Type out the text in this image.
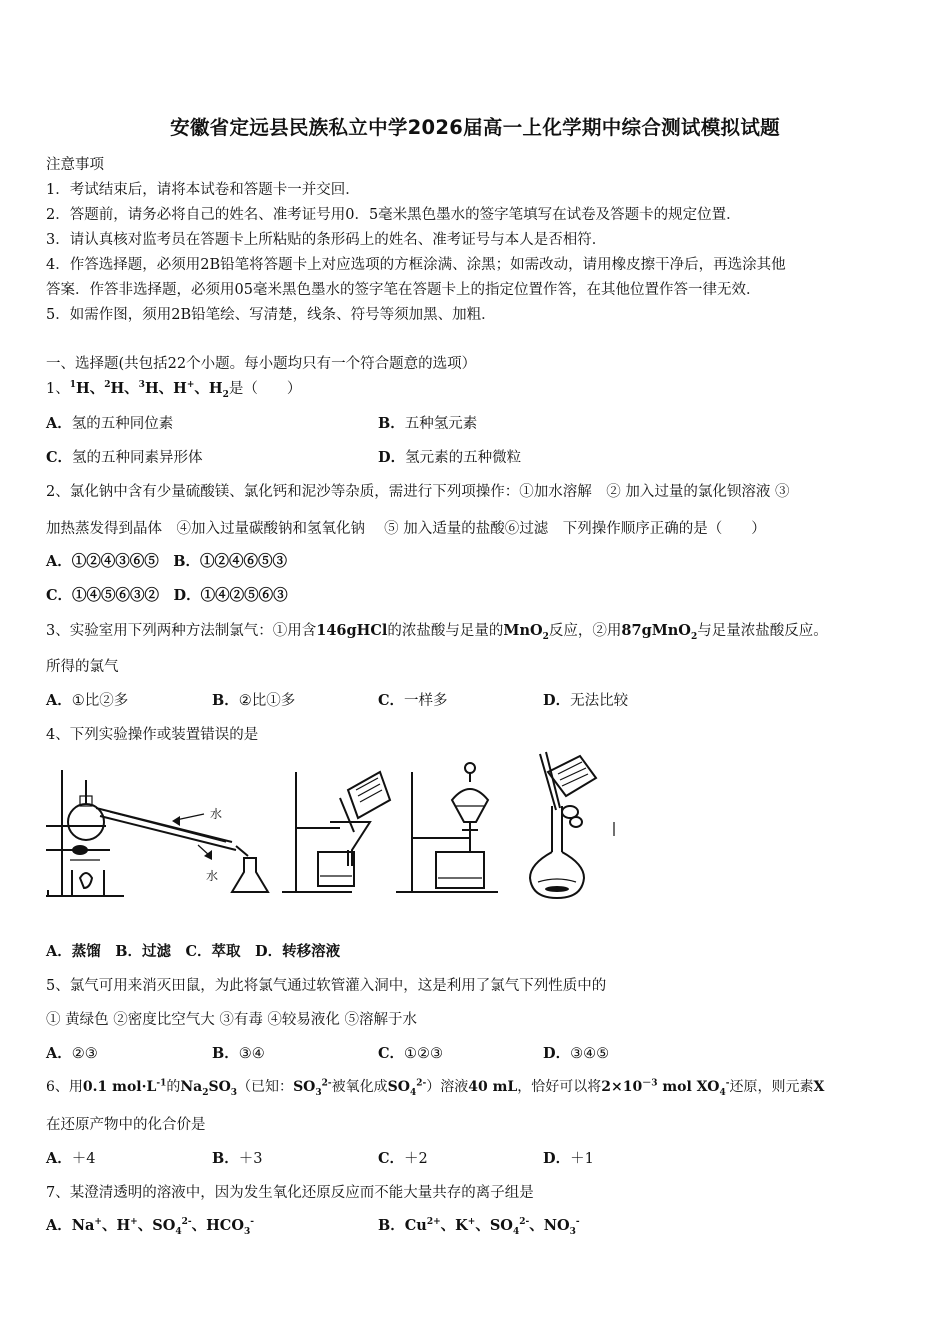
安徽省定远县民族私立中学2026届高一上化学期中综合测试模拟试题
注意事项
1．考试结束后，请将本试卷和答题卡一并交回．
2．答题前，请务必将自己的姓名、准考证号用0．5毫米黑色墨水的签字笔填写在试卷及答题卡的规定位置．
3．请认真核对监考员在答题卡上所粘贴的条形码上的姓名、准考证号与本人是否相符．
4．作答选择题，必须用2B铅笔将答题卡上对应选项的方框涂满、涂黑；如需改动，请用橡皮擦干净后，再选涂其他
答案．作答非选择题，必须用05毫米黑色墨水的签字笔在答题卡上的指定位置作答，在其他位置作答一律无效．
5．如需作图，须用2B铅笔绘、写清楚，线条、符号等须加黑、加粗．
一、选择题(共包括22个小题。每小题均只有一个符合题意的选项）
1、$^1$H、$^2$H、$^3$H、H+、$H_2$是（　　）
A．氢的五种同位素	B．五种氢元素
C．氢的五种同素异形体	D．氢元素的五种微粒
2、氯化钠中含有少量硫酸镁、氯化钙和泥沙等杂质，需进行下列项操作：①加水溶解　② 加入过量的氯化钡溶液 ③
加热蒸发得到晶体　④加入过量碳酸钠和氢氧化钠　 ⑤ 加入适量的盐酸⑥过滤　下列操作顺序正确的是（　　）
A．①②④③⑥⑤　B．①②④⑥⑤③
C．①④⑤⑥③②　D．①④②⑤⑥③
3、实验室用下列两种方法制氯气：①用含146gHCl的浓盐酸与足量的MnO$_2$反应，②用87gMnO$_2$与足量浓盐酸反应。
所得的氯气
A．①比②多	B．②比①多	C．一样多	D．无法比较
4、下列实验操作或装置错误的是
水
水
A．蒸馏　B．过滤　C．萃取　D．转移溶液
5、氯气可用来消灭田鼠，为此将氯气通过软管灌入洞中，这是利用了氯气下列性质中的
① 黄绿色 ②密度比空气大 ③有毒 ④较易液化 ⑤溶解于水
A．②③	B．③④	C．①②③	D．③④⑤
6、用0.1 $mol\cdot L^{-1}$的$Na_2SO_3$（已知：$SO_3^{2-}$被氧化成$SO_4^{2-}$）溶液40 mL，恰好可以将$2\times 10^{-3}$ mol $XO_4^-$还原，则元素X
在还原产物中的化合价是
A．＋4	B．＋3	C．＋2	D．＋1
7、某澄清透明的溶液中，因为发生氧化还原反应而不能大量共存的离子组是
A．Na+、H+、$SO_4^{2-}$、$HCO_3^-$	B．$Cu^{2+}$、K+、$SO_4^{2-}$、$NO_3^-$
